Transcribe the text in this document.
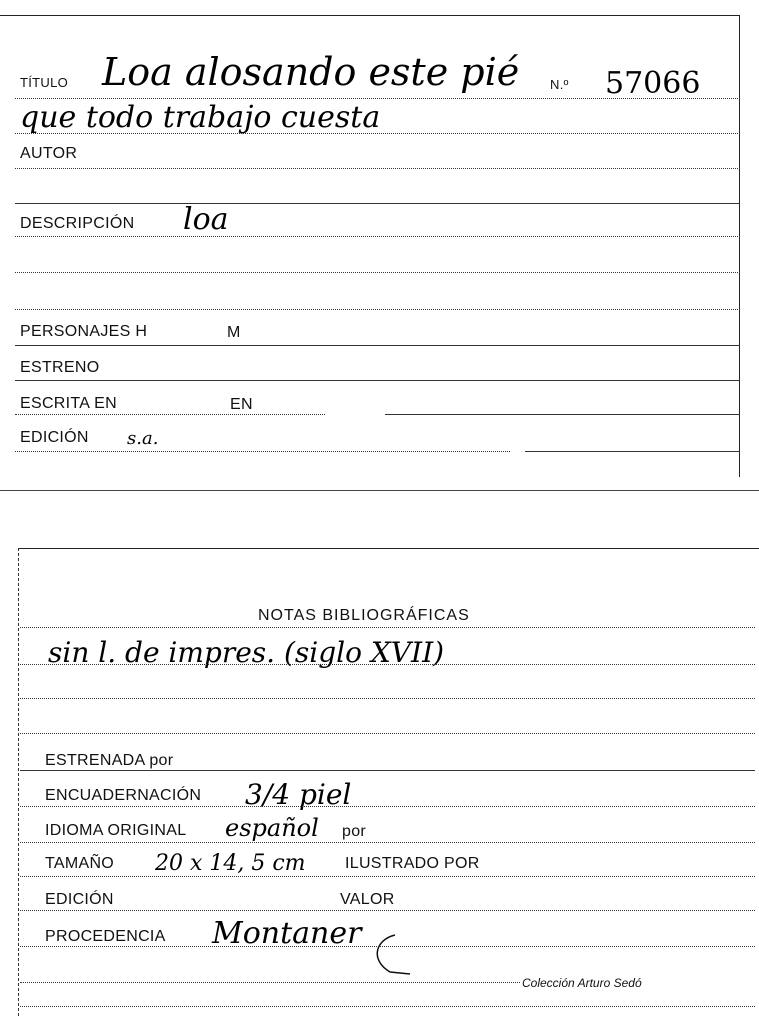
TÍTULO Loa alosando este pié N.º 57066
que todo trabajo cuesta
AUTOR
DESCRIPCIÓN loa
PERSONAJES H	M
ESTRENO
ESCRITA EN	EN
EDICIÓN s.a.
NOTAS BIBLIOGRÁFICAS
sin l. de impres. (siglo XVII)
ESTRENADA por
ENCUADERNACIÓN 3/4 piel
IDIOMA ORIGINAL español por
TAMAÑO 20 x 14, 5 cm ILUSTRADO POR
EDICIÓN	VALOR
PROCEDENCIA Montaner
Colección Arturo Sedó
